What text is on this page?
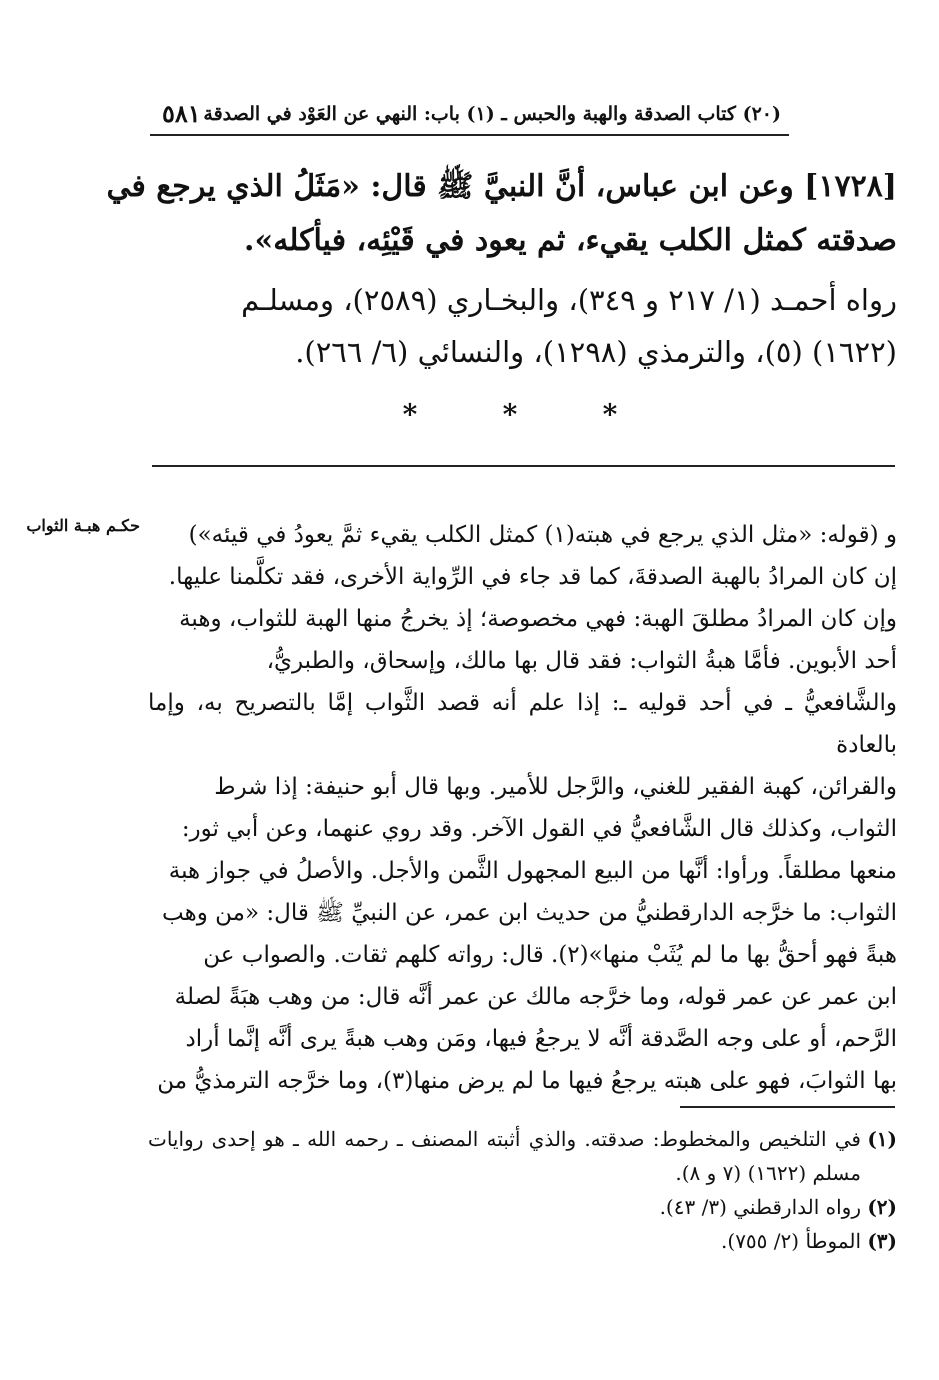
٥٨١ (٢٠) كتاب الصدقة والهبة والحبس ـ (١) باب: النهي عن العَوْد في الصدقة

[١٧٢٨] وعن ابن عباس، أنَّ النبيَّ ﷺ قال: «مَثَلُ الذي يرجع في

صدقته كمثل الكلب يقيء، ثم يعود في قَيْئِه، فيأكله».

رواه أحمـد (١/ ٢١٧ و ٣٤٩)، والبخـاري (٢٥٨٩)، ومسلـم

(١٦٢٢) (٥)، والترمذي (١٢٩٨)، والنسائي (٦/ ٢٦٦).

*
*
*
حكـم هبـة الثواب	و (قوله: «مثل الذي يرجع في هبته(١) كمثل الكلب يقيء ثمَّ يعودُ في قيئه»)

إن كان المرادُ بالهبة الصدقةَ، كما قد جاء في الرِّواية الأخرى، فقد تكلَّمنا عليها.

وإن كان المرادُ مطلقَ الهبة: فهي مخصوصة؛ إذ يخرجُ منها الهبة للثواب، وهبة

أحد الأبوين. فأمَّا هبةُ الثواب: فقد قال بها مالك، وإسحاق، والطبريُّ،

والشَّافعيُّ ـ في أحد قوليه ـ: إذا علم أنه قصد الثَّواب إمَّا بالتصريح به، وإما بالعادة

والقرائن، كهبة الفقير للغني، والرَّجل للأمير. وبها قال أبو حنيفة: إذا شرط

الثواب، وكذلك قال الشَّافعيُّ في القول الآخر. وقد روي عنهما، وعن أبي ثور:

منعها مطلقاً. ورأوا: أنَّها من البيع المجهول الثَّمن والأجل. والأصلُ في جواز هبة

الثواب: ما خرَّجه الدارقطنيُّ من حديث ابن عمر، عن النبيِّ ﷺ قال: «من وهب

هبةً فهو أحقُّ بها ما لم يُثَبْ منها»(٢). قال: رواته كلهم ثقات. والصواب عن

ابن عمر عن عمر قوله، وما خرَّجه مالك عن عمر أنَّه قال: من وهب هبَةً لصلة

الرَّحم، أو على وجه الصَّدقة أنَّه لا يرجعُ فيها، ومَن وهب هبةً يرى أنَّه إنَّما أراد

بها الثوابَ، فهو على هبته يرجعُ فيها ما لم يرض منها(٣)، وما خرَّجه الترمذيُّ من

(١)
في التلخيص والمخطوط: صدقته. والذي أثبته المصنف ـ رحمه الله ـ هو إحدى روايات مسلم (١٦٢٢) (٧ و ٨).

(٢)
رواه الدارقطني (٣/ ٤٣).

(٣)
الموطأ (٢/ ٧٥٥).
